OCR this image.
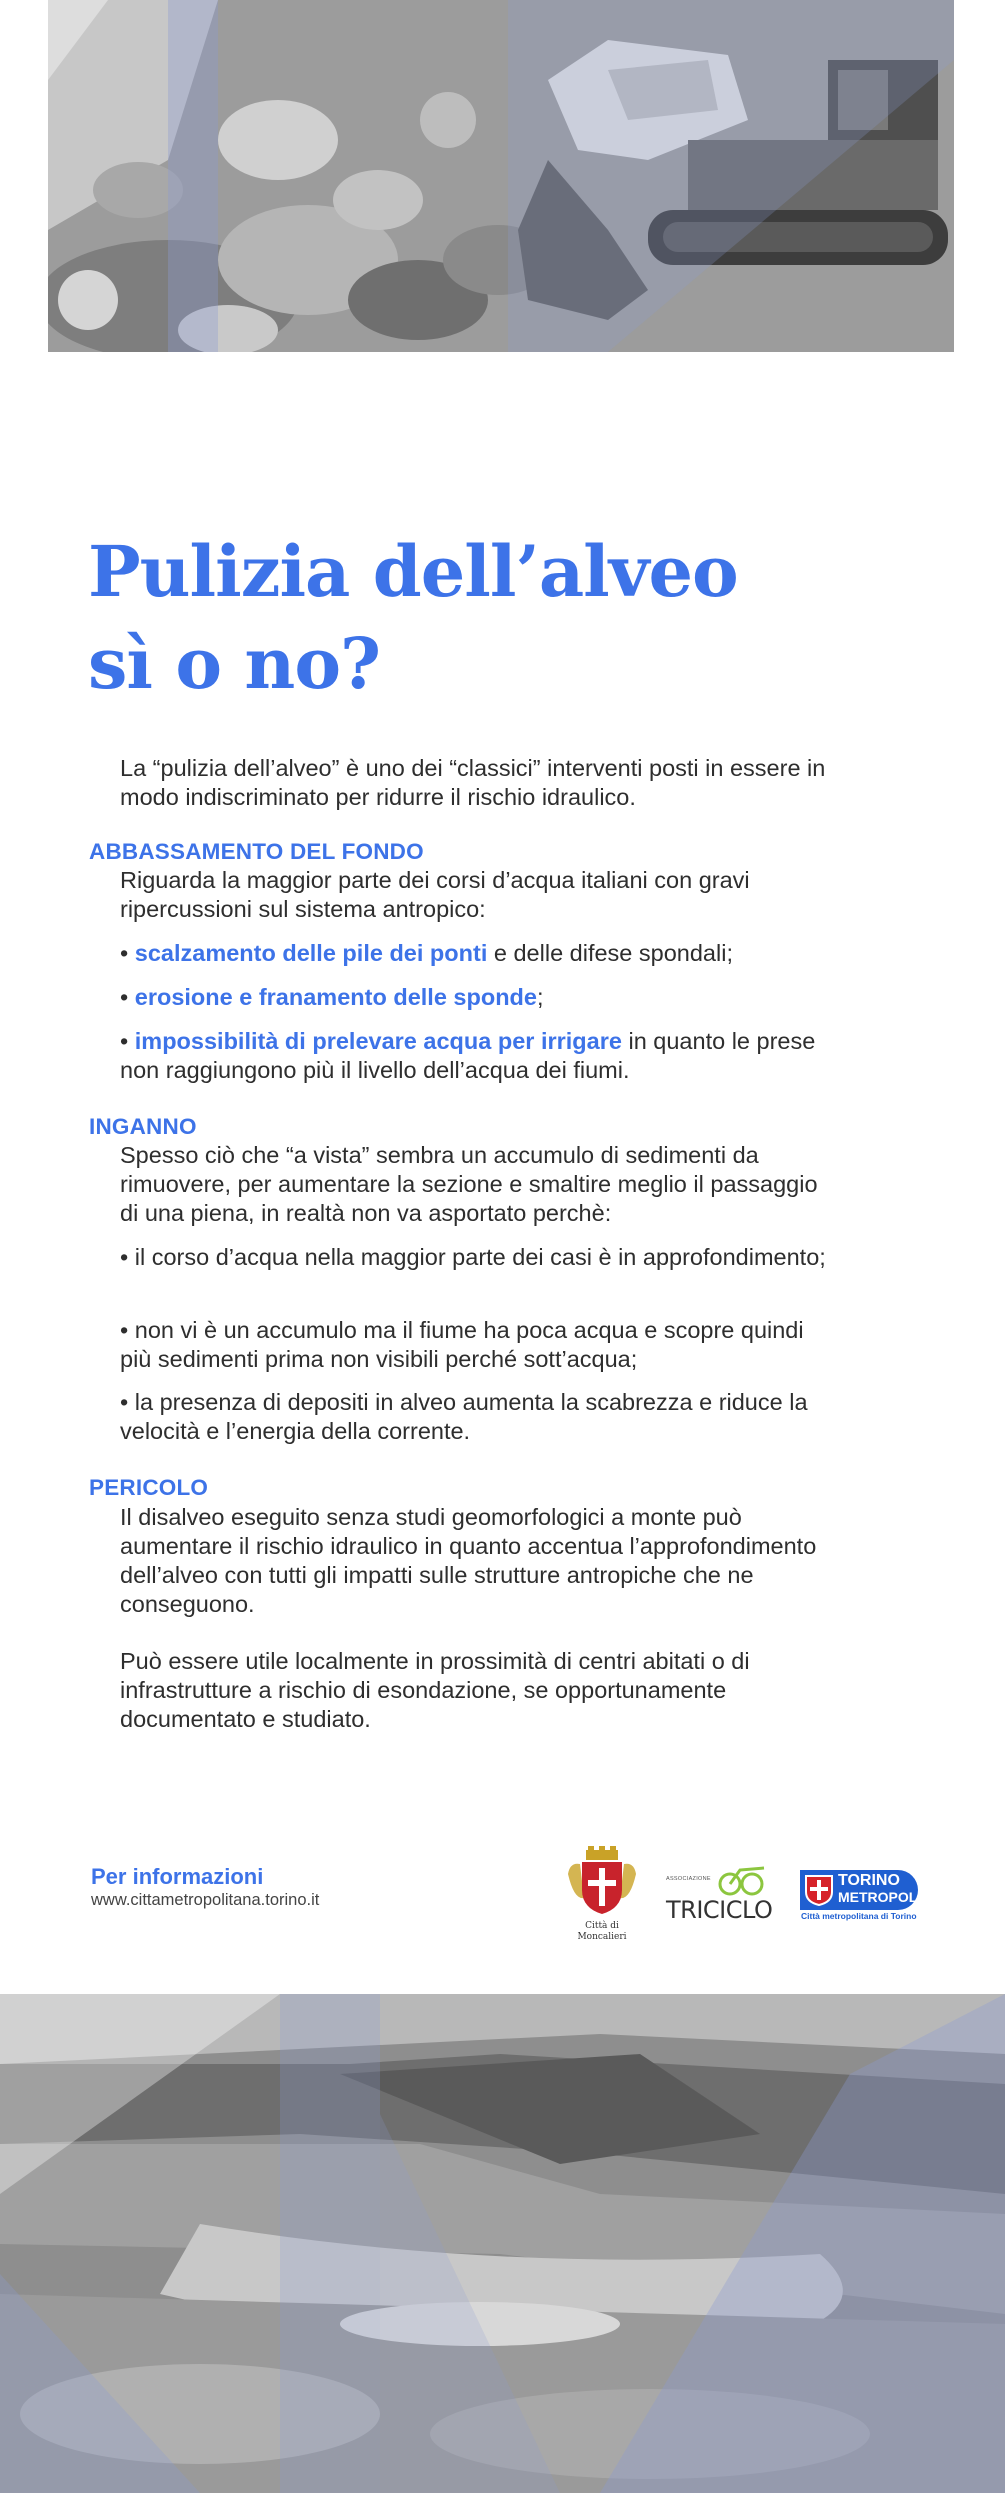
Pulizia dell’alveo
sì o no?

La “pulizia dell’alveo” è uno dei “classici” interventi posti in essere in modo indiscriminato per ridurre il rischio idraulico.

ABBASSAMENTO DEL FONDO

Riguarda la maggior parte dei corsi d’acqua italiani con gravi ripercussioni sul sistema antropico:

• scalzamento delle pile dei ponti e delle difese spondali;

• erosione e franamento delle sponde;

• impossibilità di prelevare acqua per irrigare in quanto le prese non raggiungono più il livello dell’acqua dei fiumi.

INGANNO

Spesso ciò che “a vista” sembra un accumulo di sedimenti da rimuovere, per aumentare la sezione e smaltire meglio il passaggio di una piena, in realtà non va asportato perchè:

• il corso d’acqua nella maggior parte dei casi è in approfondimento;

• non vi è un accumulo ma il fiume ha poca acqua e scopre quindi più sedimenti prima non visibili perché sott’acqua;

• la presenza di depositi in alveo aumenta la scabrezza e riduce la velocità e l’energia della corrente.

PERICOLO

Il disalveo eseguito senza studi geomorfologici a monte può aumentare il rischio idraulico in quanto accentua l’approfondimento dell’alveo con tutti gli impatti sulle strutture antropiche che ne conseguono.

Può essere utile localmente in prossimità di centri abitati o di infrastrutture a rischio di esondazione, se opportunamente documentato e studiato.

Per informazioni

www.cittametropolitana.torino.it

Città di
Moncalieri
ASSOCIAZIONE
TRICICLO
TORINO
METROPOLI
Città metropolitana di Torino
